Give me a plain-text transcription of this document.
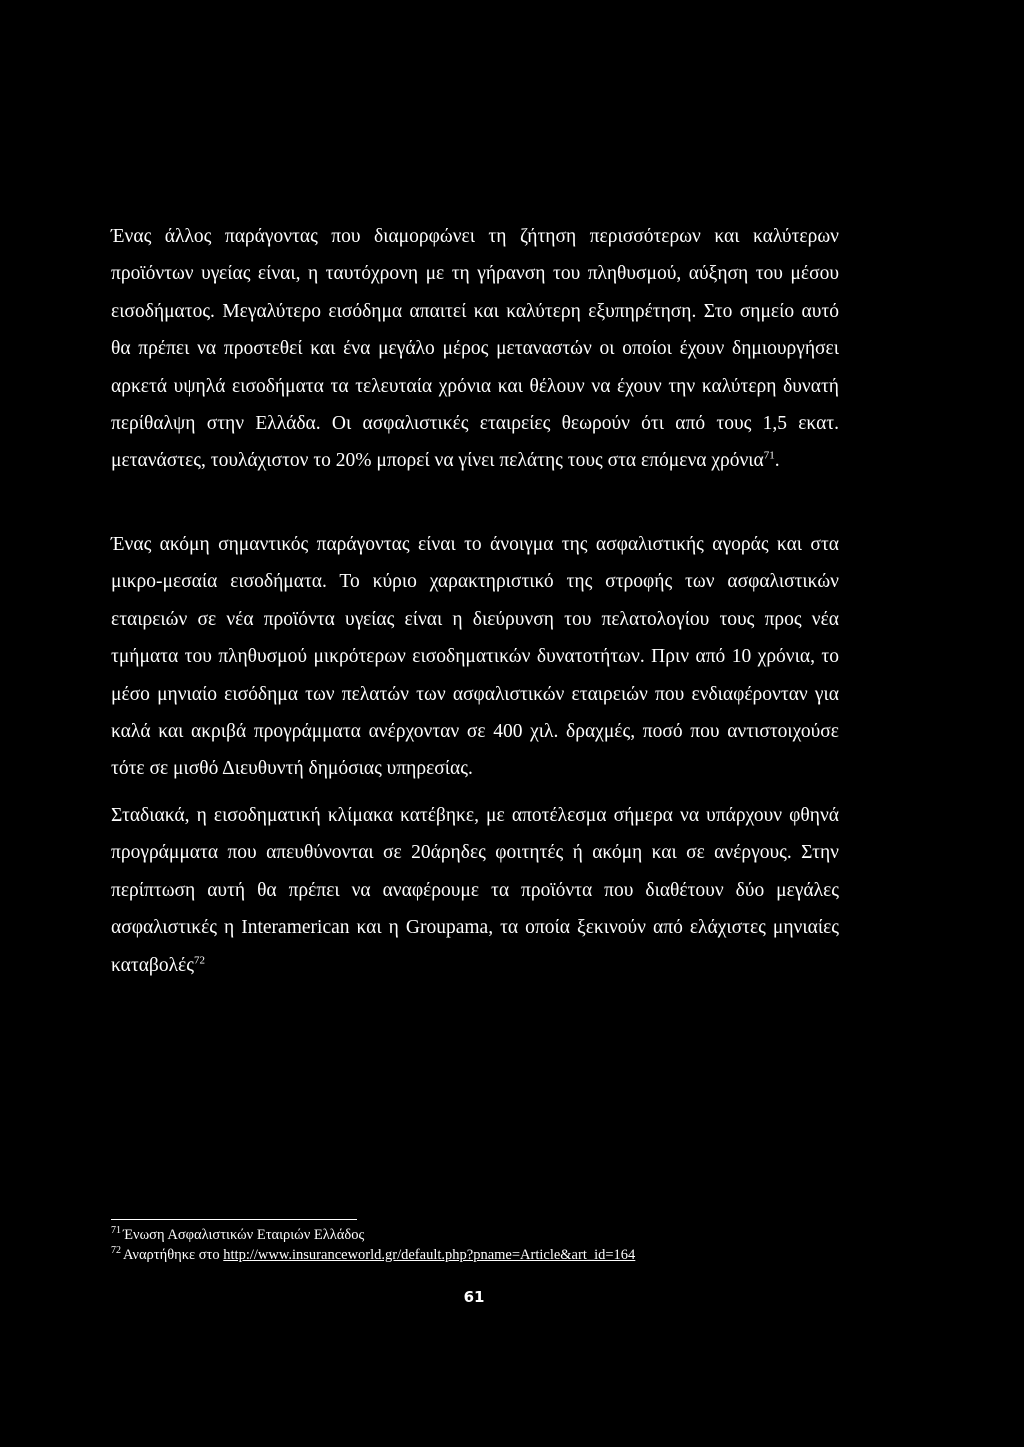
Ένας άλλος παράγοντας που διαμορφώνει τη ζήτηση περισσότερων και καλύτερων προϊόντων υγείας είναι, η ταυτόχρονη με τη γήρανση του πληθυσμού, αύξηση του μέσου εισοδήματος. Μεγαλύτερο εισόδημα απαιτεί και καλύτερη εξυπηρέτηση. Στο σημείο αυτό θα πρέπει να προστεθεί και ένα μεγάλο μέρος μεταναστών οι οποίοι έχουν δημιουργήσει αρκετά υψηλά εισοδήματα τα τελευταία χρόνια και θέλουν να έχουν την καλύτερη δυνατή περίθαλψη στην Ελλάδα. Οι ασφαλιστικές εταιρείες θεωρούν ότι από τους 1,5 εκατ. μετανάστες, τουλάχιστον το 20% μπορεί να γίνει πελάτης τους στα επόμενα χρόνια$^{71}$.

Ένας ακόμη σημαντικός παράγοντας είναι το άνοιγμα της ασφαλιστικής αγοράς και στα μικρο-μεσαία εισοδήματα. Το κύριο χαρακτηριστικό της στροφής των ασφαλιστικών εταιρειών σε νέα προϊόντα υγείας είναι η διεύρυνση του πελατολογίου τους προς νέα τμήματα του πληθυσμού μικρότερων εισοδηματικών δυνατοτήτων. Πριν από 10 χρόνια, το μέσο μηνιαίο εισόδημα των πελατών των ασφαλιστικών εταιρειών που ενδιαφέρονταν για καλά και ακριβά προγράμματα ανέρχονταν σε 400 χιλ. δραχμές, ποσό που αντιστοιχούσε τότε σε μισθό Διευθυντή δημόσιας υπηρεσίας.

Σταδιακά, η εισοδηματική κλίμακα κατέβηκε, με αποτέλεσμα σήμερα να υπάρχουν φθηνά προγράμματα που απευθύνονται σε 20άρηδες φοιτητές ή ακόμη και σε ανέργους. Στην περίπτωση αυτή θα πρέπει να αναφέρουμε τα προϊόντα που διαθέτουν δύο μεγάλες ασφαλιστικές η Interamerican και η Groupama, τα οποία ξεκινούν από ελάχιστες μηνιαίες καταβολές$^{72}$

$^{71}$ Ένωση Ασφαλιστικών Εταιριών Ελλάδος

$^{72}$ Αναρτήθηκε στο http://www.insuranceworld.gr/default.php?pname=Article&art_id=164

61
